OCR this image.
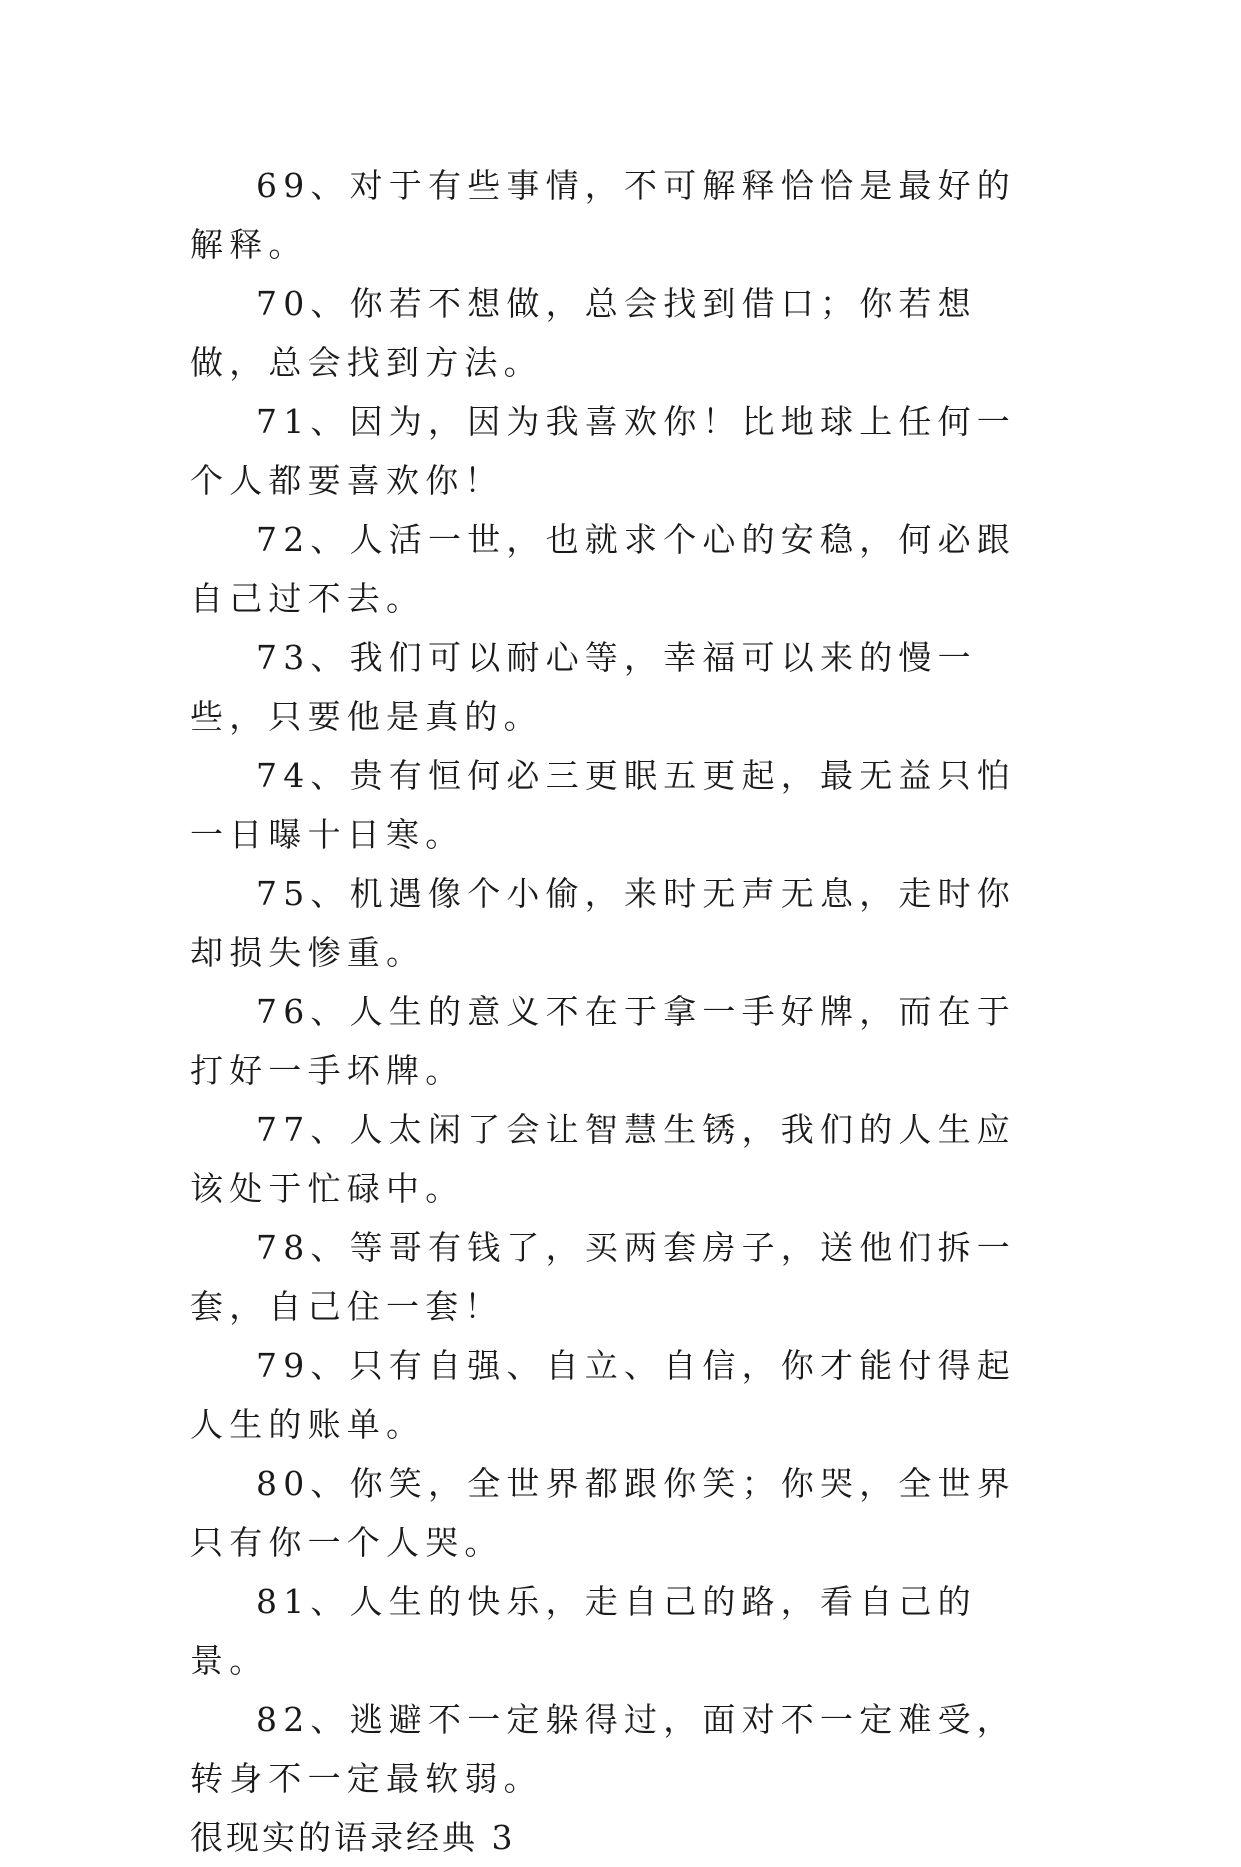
69、对于有些事情，不可解释恰恰是最好的解释。

70、你若不想做，总会找到借口；你若想做，总会找到方法。

71、因为，因为我喜欢你！比地球上任何一个人都要喜欢你！

72、人活一世，也就求个心的安稳，何必跟自己过不去。

73、我们可以耐心等，幸福可以来的慢一些，只要他是真的。

74、贵有恒何必三更眠五更起，最无益只怕一日曝十日寒。

75、机遇像个小偷，来时无声无息，走时你却损失惨重。

76、人生的意义不在于拿一手好牌，而在于打好一手坏牌。

77、人太闲了会让智慧生锈，我们的人生应该处于忙碌中。

78、等哥有钱了，买两套房子，送他们拆一套，自己住一套！

79、只有自强、自立、自信，你才能付得起人生的账单。

80、你笑，全世界都跟你笑；你哭，全世界只有你一个人哭。

81、人生的快乐，走自己的路，看自己的景。

82、逃避不一定躲得过，面对不一定难受，转身不一定最软弱。

很现实的语录经典 3
